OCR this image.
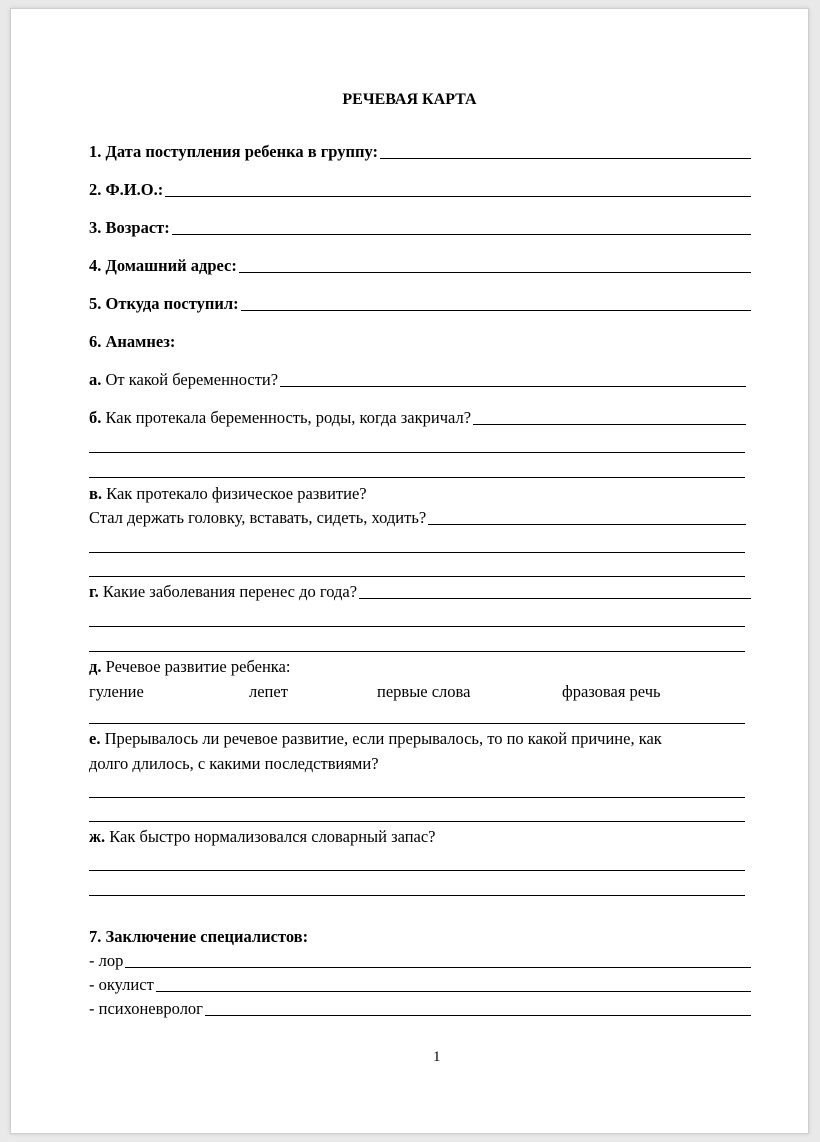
РЕЧЕВАЯ КАРТА
1. Дата поступления ребенка в группу:
2. Ф.И.О.:
3. Возраст:
4. Домашний адрес:
5. Откуда поступил:
6. Анамнез:
а.
От какой беременности?
б.
Как протекала беременность, роды, когда закричал?
в. Как протекало физическое развитие?
Стал держать головку, вставать, сидеть, ходить?
г.
Какие заболевания перенес до года?
д. Речевое развитие ребенка:
гуление	лепет	первые слова	фразовая речь
е. Прерывалось ли речевое развитие, если прерывалось, то по какой причине, как
долго длилось, с какими последствиями?
ж. Как быстро нормализовался словарный запас?
7. Заключение специалистов:
- лор
- окулист
- психоневролог
1
